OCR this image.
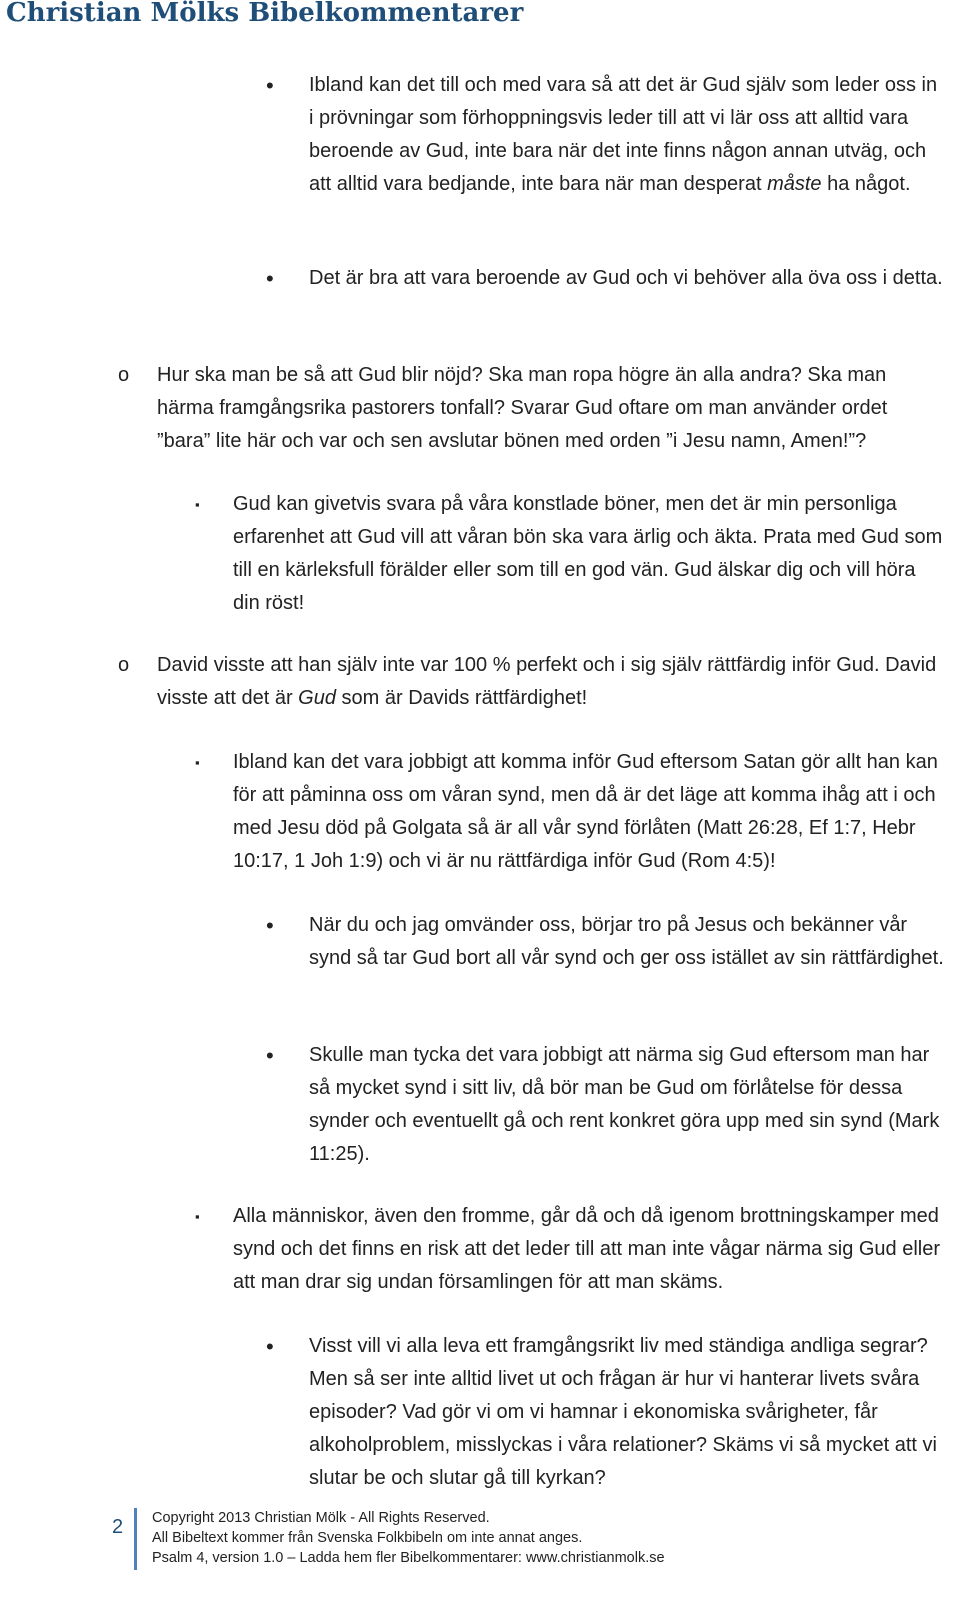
Christian Mölks Bibelkommentarer
• Ibland kan det till och med vara så att det är Gud själv som leder oss in i prövningar som förhoppningsvis leder till att vi lär oss att alltid vara beroende av Gud, inte bara när det inte finns någon annan utväg, och att alltid vara bedjande, inte bara när man desperat måste ha något.

• Det är bra att vara beroende av Gud och vi behöver alla öva oss i detta.

o Hur ska man be så att Gud blir nöjd? Ska man ropa högre än alla andra? Ska man härma framgångsrika pastorers tonfall? Svarar Gud oftare om man använder ordet ”bara” lite här och var och sen avslutar bönen med orden ”i Jesu namn, Amen!”?

▪ Gud kan givetvis svara på våra konstlade böner, men det är min personliga erfarenhet att Gud vill att våran bön ska vara ärlig och äkta. Prata med Gud som till en kärleksfull förälder eller som till en god vän. Gud älskar dig och vill höra din röst!

o David visste att han själv inte var 100 % perfekt och i sig själv rättfärdig inför Gud. David visste att det är Gud som är Davids rättfärdighet!

▪ Ibland kan det vara jobbigt att komma inför Gud eftersom Satan gör allt han kan för att påminna oss om våran synd, men då är det läge att komma ihåg att i och med Jesu död på Golgata så är all vår synd förlåten (Matt 26:28, Ef 1:7, Hebr 10:17, 1 Joh 1:9) och vi är nu rättfärdiga inför Gud (Rom 4:5)!

• När du och jag omvänder oss, börjar tro på Jesus och bekänner vår synd så tar Gud bort all vår synd och ger oss istället av sin rättfärdighet.

• Skulle man tycka det vara jobbigt att närma sig Gud eftersom man har så mycket synd i sitt liv, då bör man be Gud om förlåtelse för dessa synder och eventuellt gå och rent konkret göra upp med sin synd (Mark 11:25).

▪ Alla människor, även den fromme, går då och då igenom brottningskamper med synd och det finns en risk att det leder till att man inte vågar närma sig Gud eller att man drar sig undan församlingen för att man skäms.

• Visst vill vi alla leva ett framgångsrikt liv med ständiga andliga segrar? Men så ser inte alltid livet ut och frågan är hur vi hanterar livets svåra episoder? Vad gör vi om vi hamnar i ekonomiska svårigheter, får alkoholproblem, misslyckas i våra relationer? Skäms vi så mycket att vi slutar be och slutar gå till kyrkan?

2 Copyright 2013 Christian Mölk - All Rights Reserved.
All Bibeltext kommer från Svenska Folkbibeln om inte annat anges.
Psalm 4, version 1.0 – Ladda hem fler Bibelkommentarer: www.christianmolk.se
